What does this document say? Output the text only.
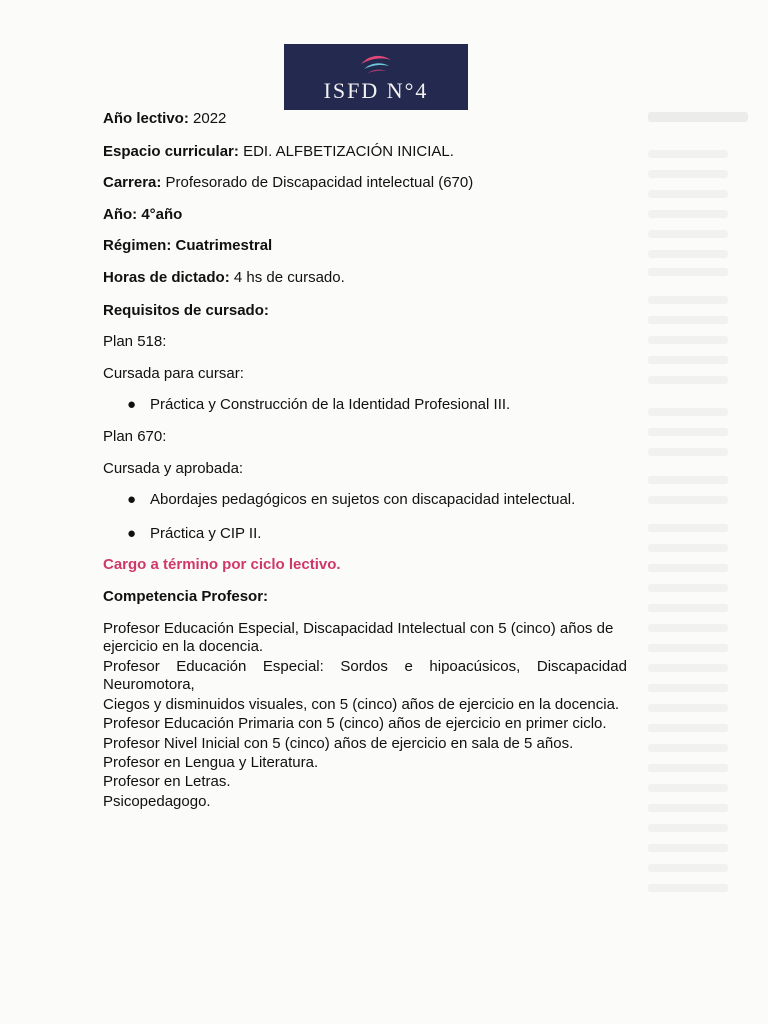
ISFD N°4
Año lectivo: 2022
Espacio curricular: EDI. ALFBETIZACIÓN INICIAL.
Carrera: Profesorado de Discapacidad intelectual (670)
Año: 4°año
Régimen: Cuatrimestral
Horas de dictado: 4 hs de cursado.
Requisitos de cursado:
Plan 518:
Cursada para cursar:
● Práctica y Construcción de la Identidad Profesional III.
Plan 670:
Cursada y aprobada:
● Abordajes pedagógicos en sujetos con discapacidad intelectual.
● Práctica y CIP II.
Cargo a término por ciclo lectivo.
Competencia Profesor:
Profesor Educación Especial, Discapacidad Intelectual con 5 (cinco) años de ejercicio en la docencia.
Profesor Educación Especial: Sordos e hipoacúsicos, Discapacidad
Neuromotora,
Ciegos y disminuidos visuales, con 5 (cinco) años de ejercicio en la docencia.
Profesor Educación Primaria con 5 (cinco) años de ejercicio en primer ciclo.
Profesor Nivel Inicial con 5 (cinco) años de ejercicio en sala de 5 años.
Profesor en Lengua y Literatura.
Profesor en Letras.
Psicopedagogo.
